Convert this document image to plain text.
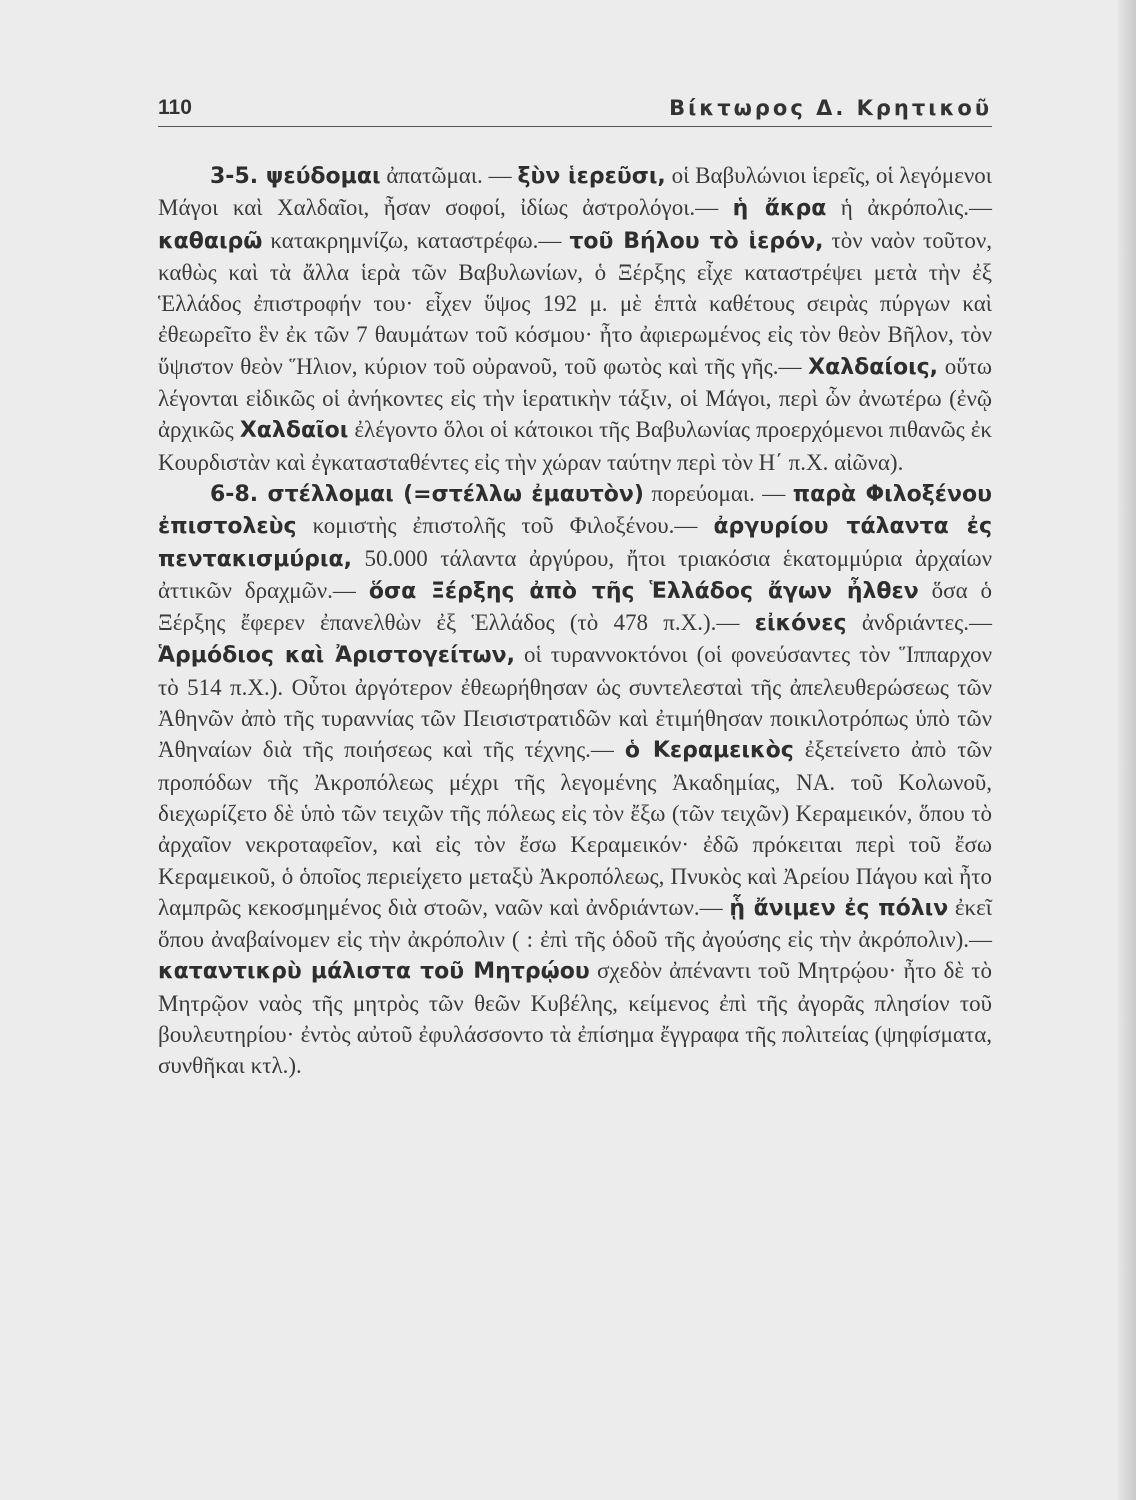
110	Βίκτωρος Δ. Κρητικοῦ

3-5. ψεύδομαι ἀπατῶμαι. — ξὺν ἱερεῦσι, οἱ Βαβυλώνιοι ἱερεῖς, οἱ λεγόμενοι Μάγοι καὶ Χαλδαῖοι, ἦσαν σοφοί, ἰδίως ἀστρολόγοι.— ἡ ἄκρα ἡ ἀκρόπολις.—καθαιρῶ κατακρημνίζω, καταστρέφω.— τοῦ Βήλου τὸ ἱερόν, τὸν ναὸν τοῦτον, καθὼς καὶ τὰ ἄλλα ἱερὰ τῶν Βαβυλωνίων, ὁ Ξέρξης εἶχε καταστρέψει μετὰ τὴν ἐξ Ἑλλάδος ἐπιστροφήν του· εἶχεν ὕψος 192 μ. μὲ ἑπτὰ καθέτους σειρὰς πύργων καὶ ἐθεωρεῖτο ἓν ἐκ τῶν 7 θαυμάτων τοῦ κόσμου· ἦτο ἀφιερωμένος εἰς τὸν θεὸν Βῆλον, τὸν ὕψιστον θεὸν Ἥλιον, κύριον τοῦ οὐρανοῦ, τοῦ φωτὸς καὶ τῆς γῆς.— Χαλδαίοις, οὕτω λέγονται εἰδικῶς οἱ ἀνήκοντες εἰς τὴν ἱερατικὴν τάξιν, οἱ Μάγοι, περὶ ὧν ἀνωτέρω (ἐνῷ ἀρχικῶς Χαλδαῖοι ἐλέγοντο ὅλοι οἱ κάτοικοι τῆς Βαβυλωνίας προερχόμενοι πιθανῶς ἐκ Κουρδιστὰν καὶ ἐγκατασταθέντες εἰς τὴν χώραν ταύτην περὶ τὸν Η΄ π.Χ. αἰῶνα).

6-8. στέλλομαι (=στέλλω ἐμαυτὸν) πορεύομαι. — παρὰ Φιλοξένου ἐπιστολεὺς κομιστὴς ἐπιστολῆς τοῦ Φιλοξένου.— ἀργυρίου τάλαντα ἐς πεντακισμύρια, 50.000 τάλαντα ἀργύρου, ἤτοι τριακόσια ἑκατομμύρια ἀρχαίων ἀττικῶν δραχμῶν.— ὅσα Ξέρξης ἀπὸ τῆς Ἑλλάδος ἄγων ἦλθεν ὅσα ὁ Ξέρξης ἔφερεν ἐπανελθὼν ἐξ Ἑλλάδος (τὸ 478 π.Χ.).— εἰκόνες ἀνδριάντες.— Ἁρμόδιος καὶ Ἀριστογείτων, οἱ τυραννοκτόνοι (οἱ φονεύσαντες τὸν Ἵππαρχον τὸ 514 π.Χ.). Οὗτοι ἀργότερον ἐθεωρήθησαν ὡς συντελεσταὶ τῆς ἀπελευθερώσεως τῶν Ἀθηνῶν ἀπὸ τῆς τυραννίας τῶν Πεισιστρατιδῶν καὶ ἐτιμήθησαν ποικιλοτρόπως ὑπὸ τῶν Ἀθηναίων διὰ τῆς ποιήσεως καὶ τῆς τέχνης.— ὁ Κεραμεικὸς ἐξετείνετο ἀπὸ τῶν προπόδων τῆς Ἀκροπόλεως μέχρι τῆς λεγομένης Ἀκαδημίας, ΝΑ. τοῦ Κολωνοῦ, διεχωρίζετο δὲ ὑπὸ τῶν τειχῶν τῆς πόλεως εἰς τὸν ἔξω (τῶν τειχῶν) Κεραμεικόν, ὅπου τὸ ἀρχαῖον νεκροταφεῖον, καὶ εἰς τὸν ἔσω Κεραμεικόν· ἐδῶ πρόκειται περὶ τοῦ ἔσω Κεραμεικοῦ, ὁ ὁποῖος περιείχετο μεταξὺ Ἀκροπόλεως, Πνυκὸς καὶ Ἀρείου Πάγου καὶ ἦτο λαμπρῶς κεκοσμημένος διὰ στοῶν, ναῶν καὶ ἀνδριάντων.— ᾗ ἄνιμεν ἐς πόλιν ἐκεῖ ὅπου ἀναβαίνομεν εἰς τὴν ἀκρόπολιν ( : ἐπὶ τῆς ὁδοῦ τῆς ἀγούσης εἰς τὴν ἀκρόπολιν).— καταντικρὺ μάλιστα τοῦ Μητρῴου σχεδὸν ἀπέναντι τοῦ Μητρῴου· ἦτο δὲ τὸ Μητρῷον ναὸς τῆς μητρὸς τῶν θεῶν Κυβέλης, κείμενος ἐπὶ τῆς ἀγορᾶς πλησίον τοῦ βουλευτηρίου· ἐντὸς αὐτοῦ ἐφυλάσσοντο τὰ ἐπίσημα ἔγγραφα τῆς πολιτείας (ψηφίσματα, συνθῆκαι κτλ.).
